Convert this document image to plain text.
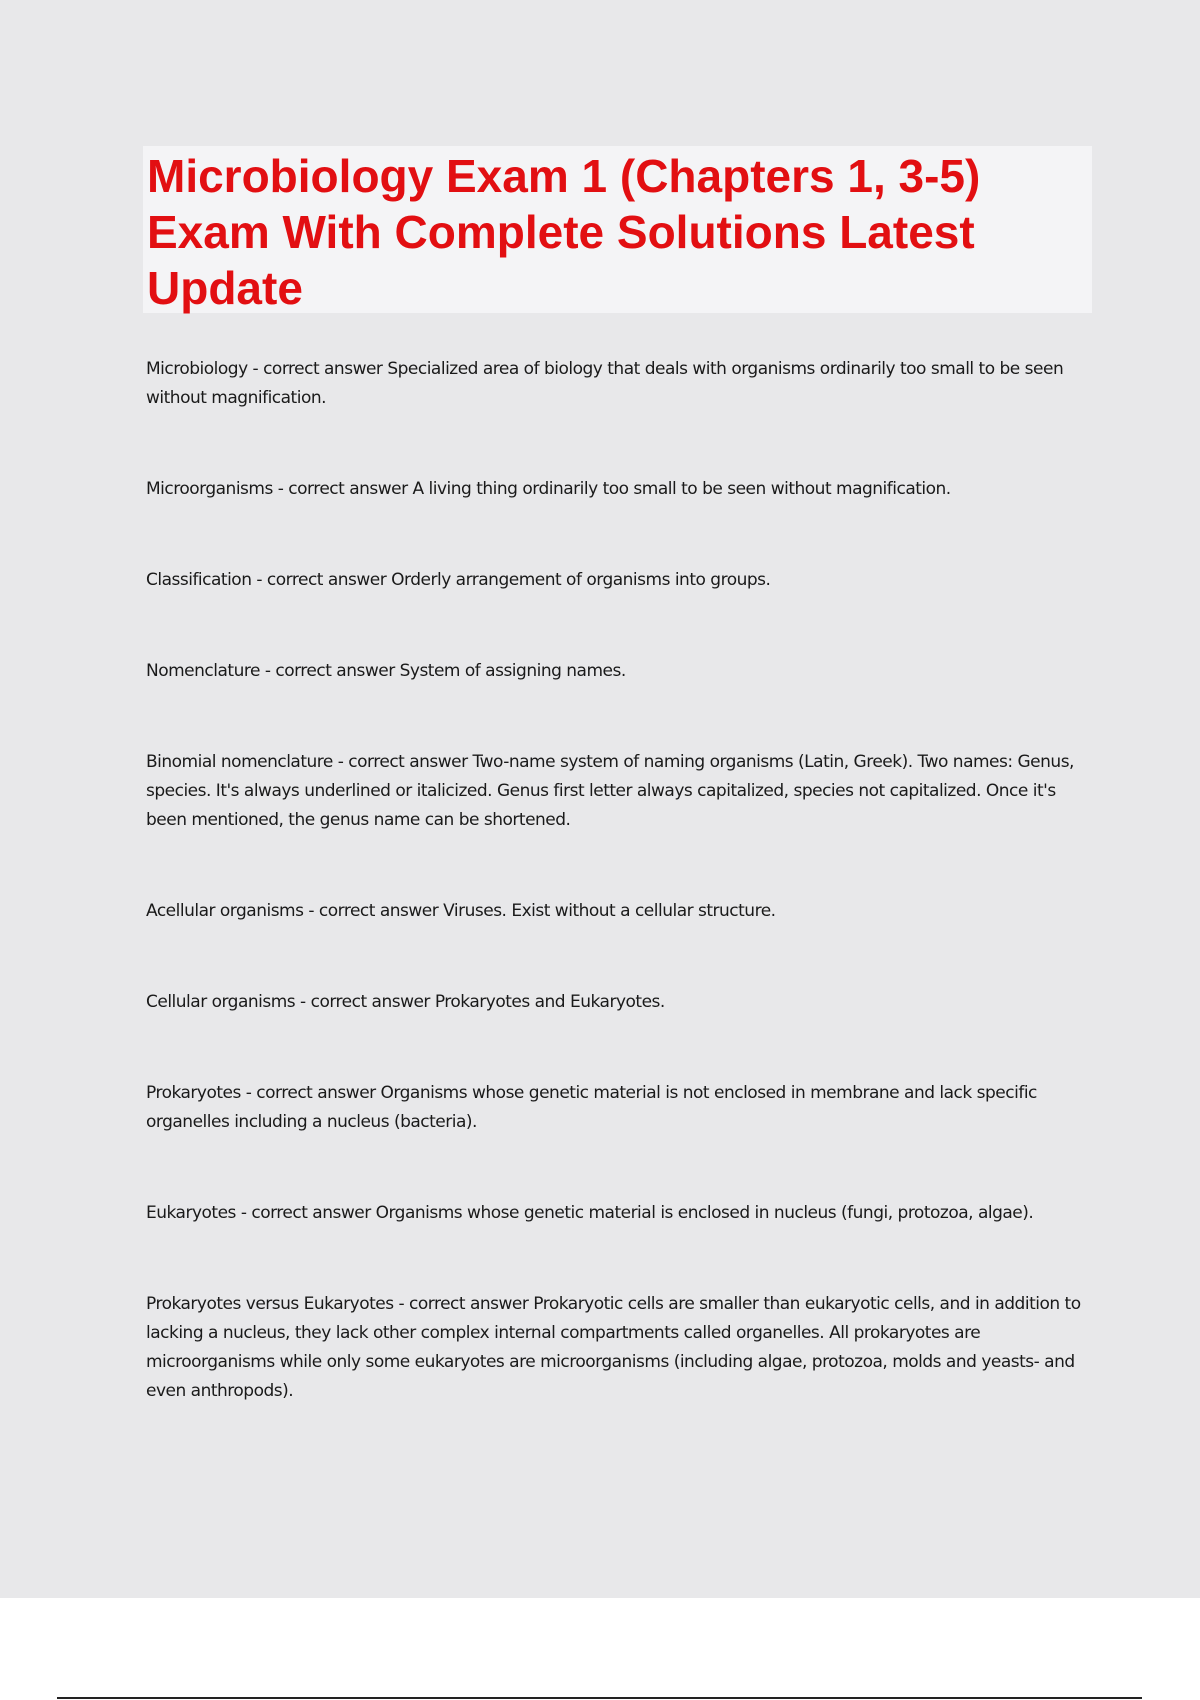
Microbiology Exam 1 (Chapters 1, 3-5) Exam With Complete Solutions Latest Update

Microbiology - correct answer Specialized area of biology that deals with organisms ordinarily too small to be seen without magnification.

Microorganisms - correct answer A living thing ordinarily too small to be seen without magnification.

Classification - correct answer Orderly arrangement of organisms into groups.

Nomenclature - correct answer System of assigning names.

Binomial nomenclature - correct answer Two-name system of naming organisms (Latin, Greek). Two names: Genus, species. It's always underlined or italicized. Genus first letter always capitalized, species not capitalized. Once it's been mentioned, the genus name can be shortened.

Acellular organisms - correct answer Viruses. Exist without a cellular structure.

Cellular organisms - correct answer Prokaryotes and Eukaryotes.

Prokaryotes - correct answer Organisms whose genetic material is not enclosed in membrane and lack specific organelles including a nucleus (bacteria).

Eukaryotes - correct answer Organisms whose genetic material is enclosed in nucleus (fungi, protozoa, algae).

Prokaryotes versus Eukaryotes - correct answer Prokaryotic cells are smaller than eukaryotic cells, and in addition to lacking a nucleus, they lack other complex internal compartments called organelles. All prokaryotes are microorganisms while only some eukaryotes are microorganisms (including algae, protozoa, molds and yeasts- and even anthropods).
